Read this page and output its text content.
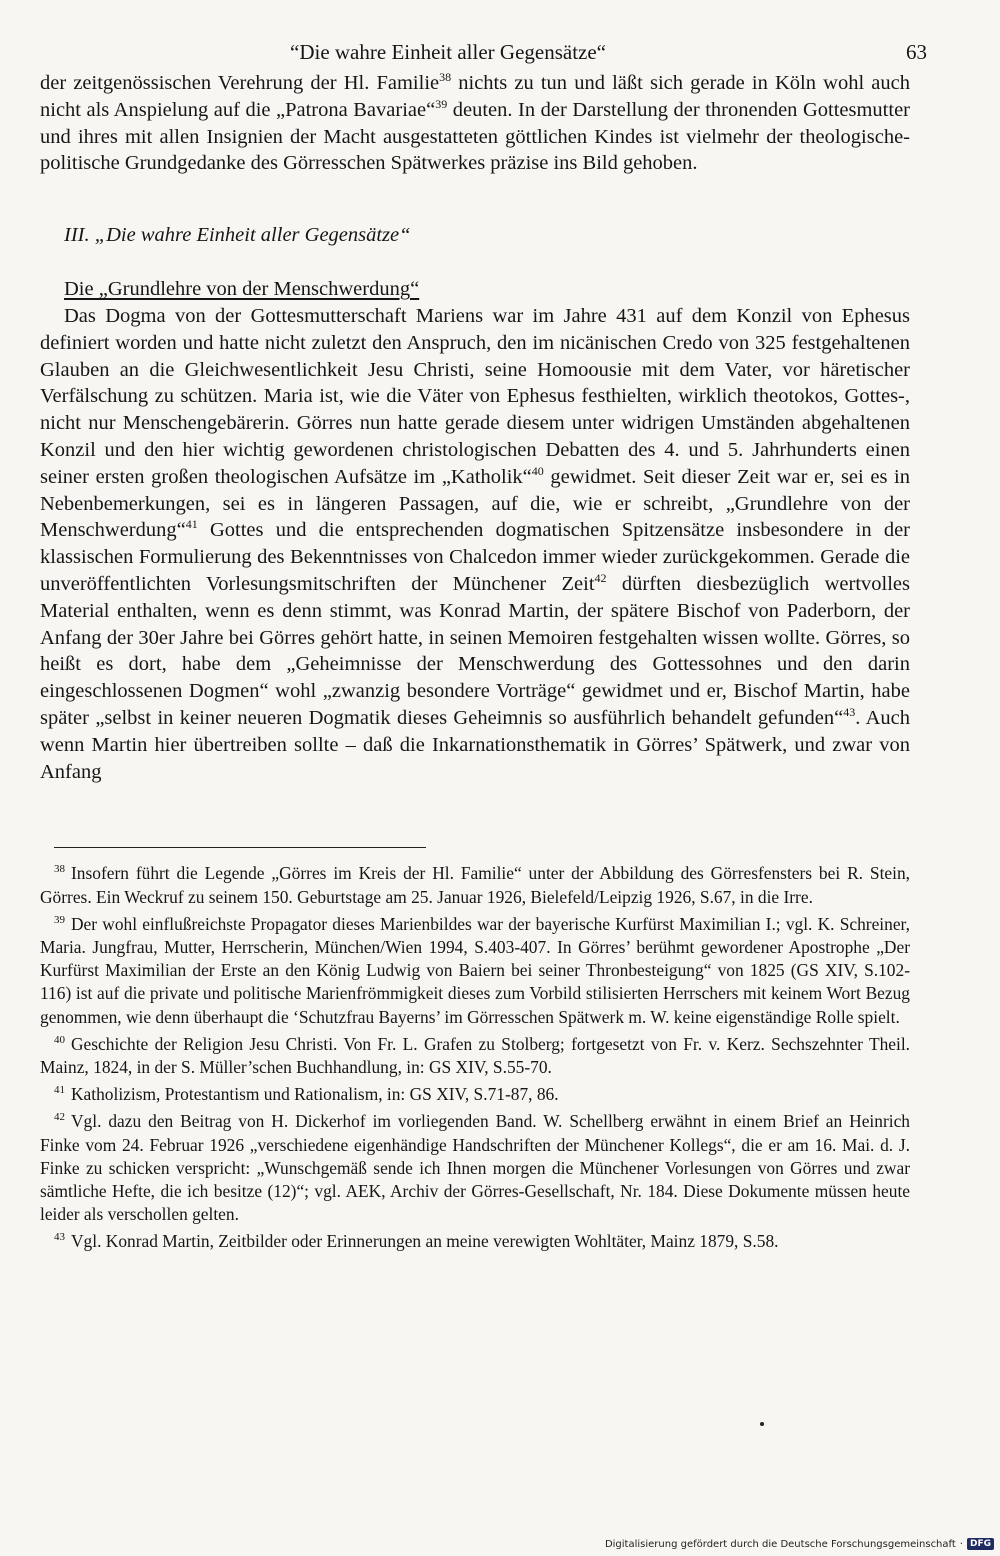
“Die wahre Einheit aller Gegensätze“	63

der zeitgenössischen Verehrung der Hl. Familie$^{38}$ nichts zu tun und läßt sich gerade in Köln wohl auch nicht als Anspielung auf die „Patrona Bavariae“$^{39}$ deuten. In der Darstellung der thronenden Gottesmutter und ihres mit allen Insignien der Macht ausgestatteten göttlichen Kindes ist vielmehr der theologische-politische Grundgedanke des Görresschen Spätwerkes präzise ins Bild gehoben.

III. „Die wahre Einheit aller Gegensätze“
Die „Grundlehre von der Menschwerdung“

Das Dogma von der Gottesmutterschaft Mariens war im Jahre 431 auf dem Konzil von Ephesus definiert worden und hatte nicht zuletzt den Anspruch, den im nicänischen Credo von 325 festgehaltenen Glauben an die Gleichwesentlichkeit Jesu Christi, seine Homoousie mit dem Vater, vor häretischer Verfälschung zu schützen. Maria ist, wie die Väter von Ephesus festhielten, wirklich theotokos, Gottes-, nicht nur Menschengebärerin. Görres nun hatte gerade diesem unter widrigen Umständen abgehaltenen Konzil und den hier wichtig gewordenen christologischen Debatten des 4. und 5. Jahrhunderts einen seiner ersten großen theologischen Aufsätze im „Katholik“$^{40}$ gewidmet. Seit dieser Zeit war er, sei es in Nebenbemerkungen, sei es in längeren Passagen, auf die, wie er schreibt, „Grundlehre von der Menschwerdung“$^{41}$ Gottes und die entsprechenden dogmatischen Spitzensätze insbesondere in der klassischen Formulierung des Bekenntnisses von Chalcedon immer wieder zurückgekommen. Gerade die unveröffentlichten Vorlesungsmitschriften der Münchener Zeit$^{42}$ dürften diesbezüglich wertvolles Material enthalten, wenn es denn stimmt, was Konrad Martin, der spätere Bischof von Paderborn, der Anfang der 30er Jahre bei Görres gehört hatte, in seinen Memoiren festgehalten wissen wollte. Görres, so heißt es dort, habe dem „Geheimnisse der Menschwerdung des Gottessohnes und den darin eingeschlossenen Dogmen“ wohl „zwanzig besondere Vorträge“ gewidmet und er, Bischof Martin, habe später „selbst in keiner neueren Dogmatik dieses Geheimnis so ausführlich behandelt gefunden“$^{43}$. Auch wenn Martin hier übertreiben sollte – daß die Inkarnationsthematik in Görres’ Spätwerk, und zwar von Anfang

$^{38}$ Insofern führt die Legende „Görres im Kreis der Hl. Familie“ unter der Abbildung des Görresfensters bei R. Stein, Görres. Ein Weckruf zu seinem 150. Geburtstage am 25. Januar 1926, Bielefeld/Leipzig 1926, S.67, in die Irre.

$^{39}$ Der wohl einflußreichste Propagator dieses Marienbildes war der bayerische Kurfürst Maximilian I.; vgl. K. Schreiner, Maria. Jungfrau, Mutter, Herrscherin, München/Wien 1994, S.403-407. In Görres’ berühmt gewordener Apostrophe „Der Kurfürst Maximilian der Erste an den König Ludwig von Baiern bei seiner Thronbesteigung“ von 1825 (GS XIV, S.102-116) ist auf die private und politische Marienfrömmigkeit dieses zum Vorbild stilisierten Herrschers mit keinem Wort Bezug genommen, wie denn überhaupt die ‘Schutzfrau Bayerns’ im Görresschen Spätwerk m. W. keine eigenständige Rolle spielt.

$^{40}$ Geschichte der Religion Jesu Christi. Von Fr. L. Grafen zu Stolberg; fortgesetzt von Fr. v. Kerz. Sechszehnter Theil. Mainz, 1824, in der S. Müller’schen Buchhandlung, in: GS XIV, S.55-70.

$^{41}$ Katholizism, Protestantism und Rationalism, in: GS XIV, S.71-87, 86.

$^{42}$ Vgl. dazu den Beitrag von H. Dickerhof im vorliegenden Band. W. Schellberg erwähnt in einem Brief an Heinrich Finke vom 24. Februar 1926 „verschiedene eigenhändige Handschriften der Münchener Kollegs“, die er am 16. Mai. d. J. Finke zu schicken verspricht: „Wunschgemäß sende ich Ihnen morgen die Münchener Vorlesungen von Görres und zwar sämtliche Hefte, die ich besitze (12)“; vgl. AEK, Archiv der Görres-Gesellschaft, Nr. 184. Diese Dokumente müssen heute leider als verschollen gelten.

$^{43}$ Vgl. Konrad Martin, Zeitbilder oder Erinnerungen an meine verewigten Wohltäter, Mainz 1879, S.58.

Digitalisierung gefördert durch die Deutsche Forschungsgemeinschaft · DFG
